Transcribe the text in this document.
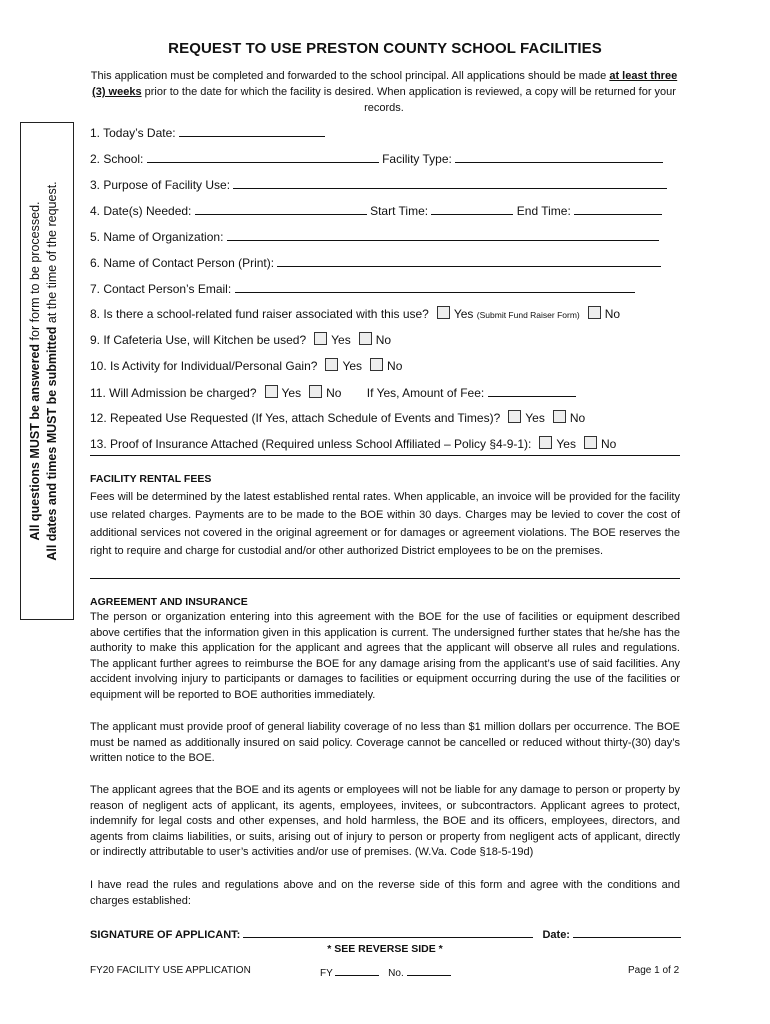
REQUEST TO USE PRESTON COUNTY SCHOOL FACILITIES
This application must be completed and forwarded to the school principal. All applications should be made at least three (3) weeks prior to the date for which the facility is desired. When application is reviewed, a copy will be returned for your records.
All questions MUST be answered for form to be processed.
All dates and times MUST be submitted at the time of the request.
1. Today’s Date:
2. School:	Facility Type:
3. Purpose of Facility Use:
4. Date(s) Needed:	Start Time:	End Time:
5. Name of Organization:
6. Name of Contact Person (Print):
7. Contact Person’s Email:
8. Is there a school-related fund raiser associated with this use? Yes (Submit Fund Raiser Form) No
9. If Cafeteria Use, will Kitchen be used? Yes No
10. Is Activity for Individual/Personal Gain? Yes No
11. Will Admission be charged? Yes No If Yes, Amount of Fee:
12. Repeated Use Requested (If Yes, attach Schedule of Events and Times)? Yes No
13. Proof of Insurance Attached (Required unless School Affiliated – Policy §4-9-1): Yes No
FACILITY RENTAL FEES
Fees will be determined by the latest established rental rates. When applicable, an invoice will be provided for the facility use related charges. Payments are to be made to the BOE within 30 days. Charges may be levied to cover the cost of additional services not covered in the original agreement or for damages or agreement violations. The BOE reserves the right to require and charge for custodial and/or other authorized District employees to be on the premises.
AGREEMENT AND INSURANCE
The person or organization entering into this agreement with the BOE for the use of facilities or equipment described above certifies that the information given in this application is current. The undersigned further states that he/she has the authority to make this application for the applicant and agrees that the applicant will observe all rules and regulations. The applicant further agrees to reimburse the BOE for any damage arising from the applicant’s use of said facilities. Any accident involving injury to participants or damages to facilities or equipment occurring during the use of the facilities or equipment will be reported to BOE authorities immediately.
The applicant must provide proof of general liability coverage of no less than $1 million dollars per occurrence. The BOE must be named as additionally insured on said policy. Coverage cannot be cancelled or reduced without thirty-(30) day’s written notice to the BOE.
The applicant agrees that the BOE and its agents or employees will not be liable for any damage to person or property by reason of negligent acts of applicant, its agents, employees, invitees, or subcontractors. Applicant agrees to protect, indemnify for legal costs and other expenses, and hold harmless, the BOE and its officers, employees, directors, and agents from claims liabilities, or suits, arising out of injury to person or property from negligent acts of applicant, directly or indirectly attributable to user’s activities and/or use of premises. (W.Va. Code §18-5-19d)
I have read the rules and regulations above and on the reverse side of this form and agree with the conditions and charges established:
SIGNATURE OF APPLICANT:	Date:
* SEE REVERSE SIDE *
FY20 FACILITY USE APPLICATION	FY	No.	Page 1 of 2
